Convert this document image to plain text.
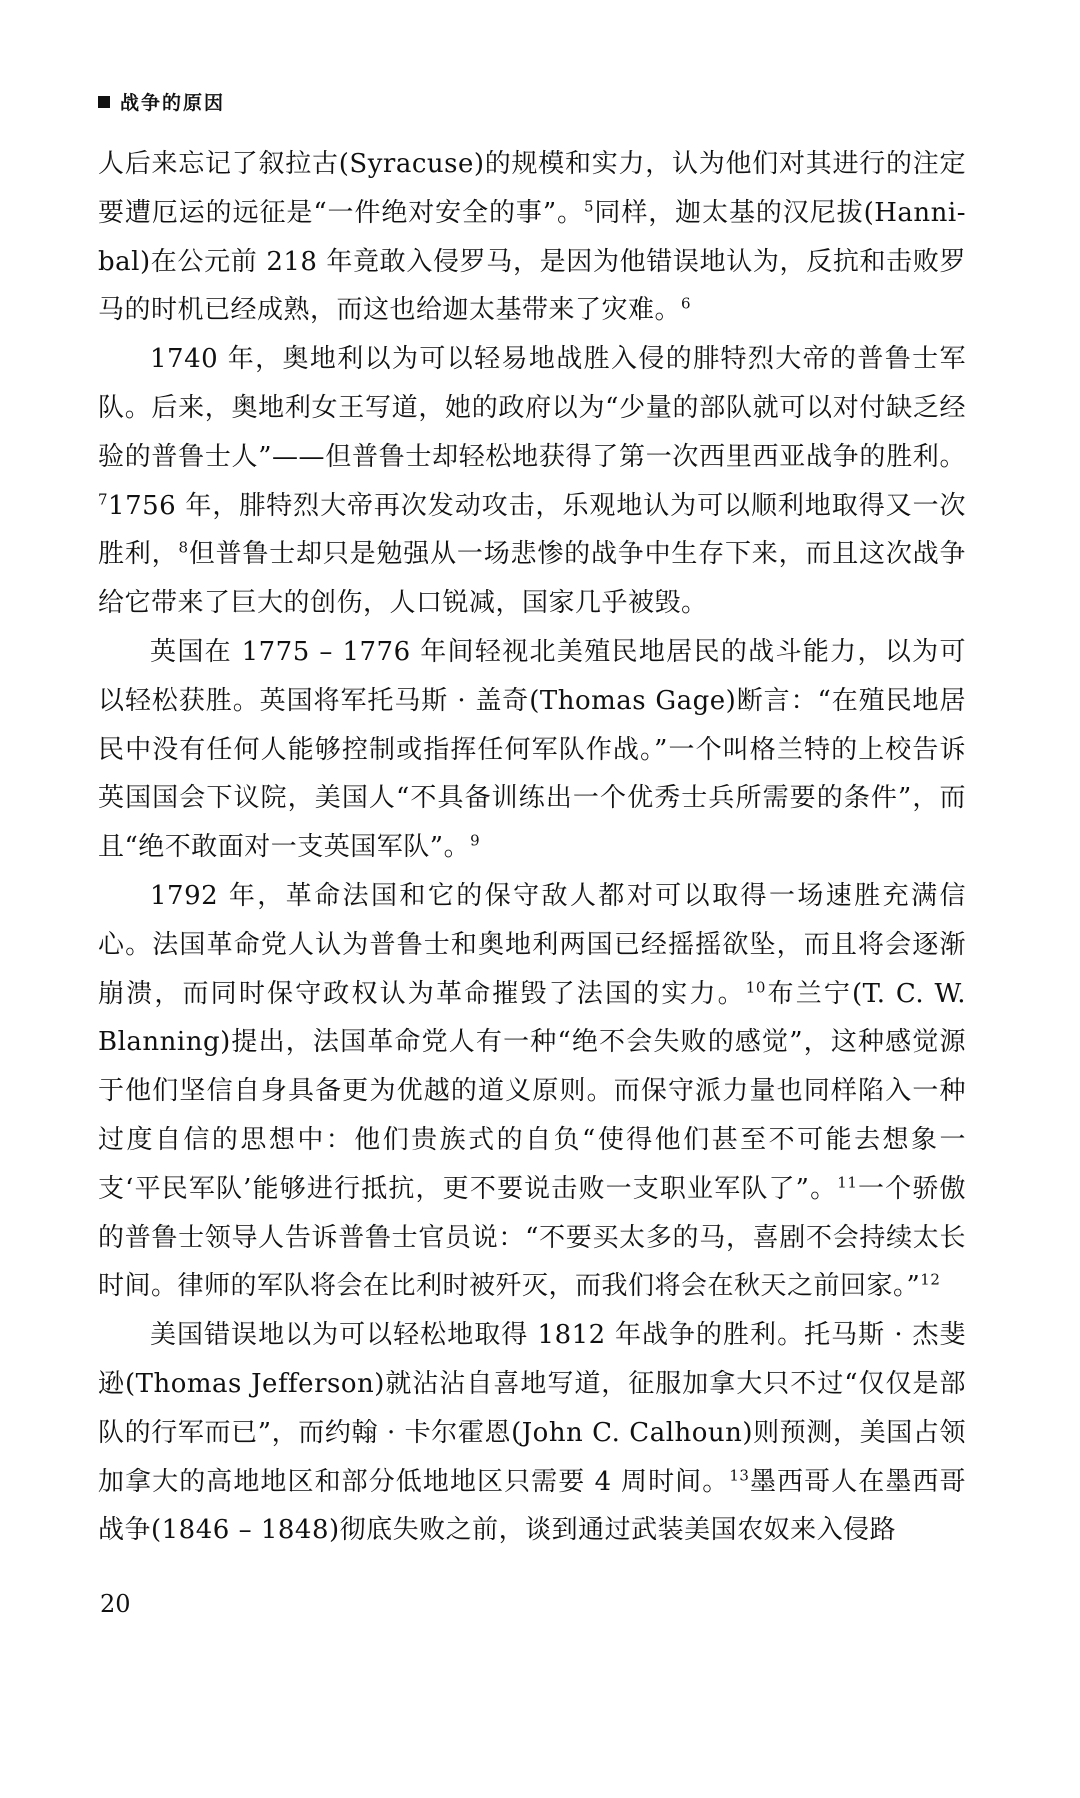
战争的原因

人后来忘记了叙拉古(Syracuse)的规模和实力，认为他们对其进行的注定要遭厄运的远征是“一件绝对安全的事”。$^5$同样，迦太基的汉尼拔(Hanni-bal)在公元前 218 年竟敢入侵罗马，是因为他错误地认为，反抗和击败罗马的时机已经成熟，而这也给迦太基带来了灾难。$^6$

1740 年，奥地利以为可以轻易地战胜入侵的腓特烈大帝的普鲁士军队。后来，奥地利女王写道，她的政府以为“少量的部队就可以对付缺乏经验的普鲁士人”——但普鲁士却轻松地获得了第一次西里西亚战争的胜利。$^7$1756 年，腓特烈大帝再次发动攻击，乐观地认为可以顺利地取得又一次胜利，$^8$但普鲁士却只是勉强从一场悲惨的战争中生存下来，而且这次战争给它带来了巨大的创伤，人口锐减，国家几乎被毁。

英国在 1775 – 1776 年间轻视北美殖民地居民的战斗能力，以为可以轻松获胜。英国将军托马斯 · 盖奇(Thomas Gage)断言：“在殖民地居民中没有任何人能够控制或指挥任何军队作战。”一个叫格兰特的上校告诉英国国会下议院，美国人“不具备训练出一个优秀士兵所需要的条件”，而且“绝不敢面对一支英国军队”。$^9$

1792 年，革命法国和它的保守敌人都对可以取得一场速胜充满信心。法国革命党人认为普鲁士和奥地利两国已经摇摇欲坠，而且将会逐渐崩溃，而同时保守政权认为革命摧毁了法国的实力。$^{10}$布兰宁(T. C. W. Blanning)提出，法国革命党人有一种“绝不会失败的感觉”，这种感觉源于他们坚信自身具备更为优越的道义原则。而保守派力量也同样陷入一种过度自信的思想中：他们贵族式的自负“使得他们甚至不可能去想象一支‘平民军队’能够进行抵抗，更不要说击败一支职业军队了”。$^{11}$一个骄傲的普鲁士领导人告诉普鲁士官员说：“不要买太多的马，喜剧不会持续太长时间。律师的军队将会在比利时被歼灭，而我们将会在秋天之前回家。”$^{12}$

美国错误地以为可以轻松地取得 1812 年战争的胜利。托马斯 · 杰斐逊(Thomas Jefferson)就沾沾自喜地写道，征服加拿大只不过“仅仅是部队的行军而已”，而约翰 · 卡尔霍恩(John C. Calhoun)则预测，美国占领加拿大的高地地区和部分低地地区只需要 4 周时间。$^{13}$墨西哥人在墨西哥战争(1846 – 1848)彻底失败之前，谈到通过武装美国农奴来入侵路

20
